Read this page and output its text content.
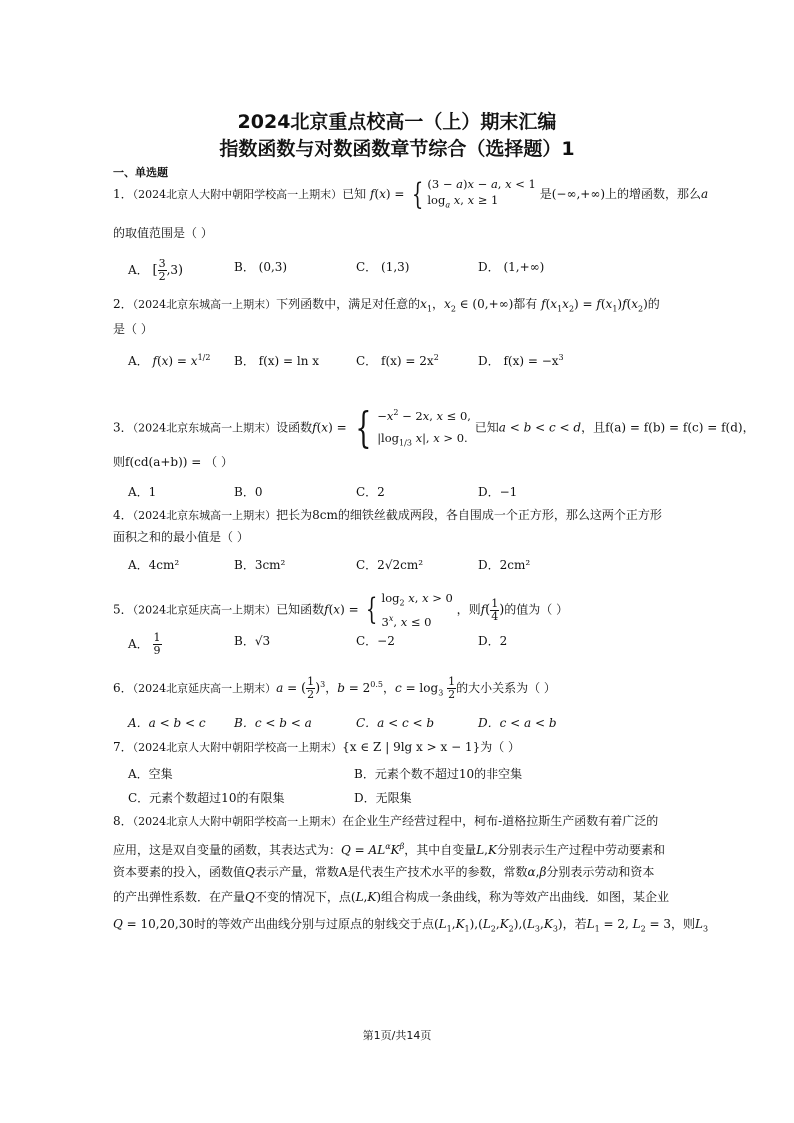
2024北京重点校高一（上）期末汇编
指数函数与对数函数章节综合（选择题）1
一、单选题
1．（2024北京人大附中朝阳学校高一上期末）已知 f(x) = { (3 − a)x − a, x < 1
$\log_a x$, x ≥ 1	是(−∞,+∞)上的增函数，那么a
的取值范围是（ ）
A． [ $\frac{3}{2} ,3$)	B． (0,3)	C． (1,3)	D． (1,+∞)
2．（2024北京东城高一上期末）下列函数中，满足对任意的$x_1$，$x_2$ ∈ (0,+∞)都有 $f(x_1x_2) = f(x_1)f(x_2)$的
是（ ）
A． $f(x) = x^{1/2}$ B． f(x) = ln x	C． $f(x) = 2x^2$	D． $f(x) = -x^3$
3．（2024北京东城高一上期末）设函数f(x) = { $-x^2 - 2x$, x ≤ 0,
$|\log_{1/3}$ x|, x > 0. 已知a < b < c < d，且f(a) = f(b) = f(c) = f(d)，
则f(cd(a+b)) = （ ）
A．1	B．0	C．2	D．−1
4．（2024北京东城高一上期末）把长为8cm的细铁丝截成两段，各自围成一个正方形，那么这两个正方形
面积之和的最小值是（ ）
A．4cm²	B．3cm²	C．2√2cm²	D．2cm²
5．（2024北京延庆高一上期末）已知函数f(x) = { $\log_2 x$, x > 0
3$^x$, x ≤ 0 ，则$f( \frac{1}{4}$ )的值为（ ）
A． $\frac{1}{9}$	B．√3	C．−2	D．2
6．（2024北京延庆高一上期末）a = ( $\frac{1}{2} )^3$，$b = 2^{0.5}$，$c = \log_3 \frac{1}{2}$ 的大小关系为（ ）
A．a < b < c B．c < b < a	C．a < c < b	D．c < a < b
7．（2024北京人大附中朝阳学校高一上期末）{x ∈ Z | 9lg x > x − 1}为（ ）
A．空集	B．元素个数不超过10的非空集
C．元素个数超过10的有限集	D．无限集
8．（2024北京人大附中朝阳学校高一上期末）在企业生产经营过程中，柯布-道格拉斯生产函数有着广泛的
应用，这是双自变量的函数，其表达式为：$Q = AL^\alpha K^\beta$，其中自变量L,K分别表示生产过程中劳动要素和
资本要素的投入，函数值Q表示产量，常数A是代表生产技术水平的参数，常数α,β分别表示劳动和资本
的产出弹性系数．在产量Q不变的情况下，点(L,K)组合构成一条曲线，称为等效产出曲线．如图，某企业
Q = 10,20,30时的等效产出曲线分别与过原点的射线交于点$(L_1,K_1),(L_2,K_2),(L_3,K_3)$，若$L_1 = 2$, $L_2 = 3$，则$L_3$
第1页/共14页
